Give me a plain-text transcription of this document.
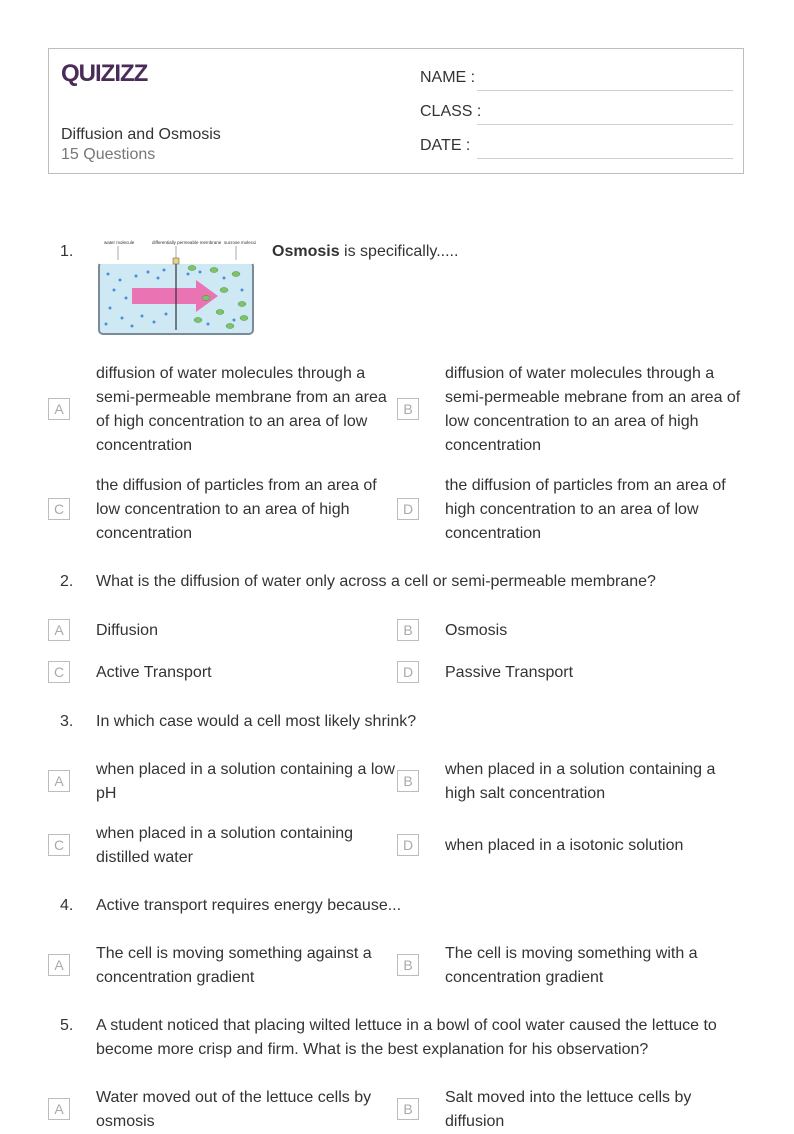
QUIZIZZ
Diffusion and Osmosis
15 Questions
NAME :
CLASS :
DATE :
1.
water molecule	differentially permeable membrane sucrose molecule
Osmosis is specifically.....
A
diffusion of water molecules through a semi-permeable membrane from an area of high concentration to an area of low concentration
B
diffusion of water molecules through a semi-permeable mebrane from an area of low concentration to an area of high concentration
C
the diffusion of particles from an area of low concentration to an area of high concentration
D
the diffusion of particles from an area of high concentration to an area of low concentration
2. What is the diffusion of water only across a cell or semi-permeable membrane?
A	Diffusion	B	Osmosis
C	Active Transport	D	Passive Transport
3. In which case would a cell most likely shrink?
A
when placed in a solution containing a low pH
B
when placed in a solution containing a high salt concentration
C
when placed in a solution containing distilled water
D	when placed in a isotonic solution
4. Active transport requires energy because...
A
The cell is moving something against a concentration gradient
B
The cell is moving something with a concentration gradient
5. A student noticed that placing wilted lettuce in a bowl of cool water caused the lettuce to become more crisp and firm. What is the best explanation for his observation?
A
Water moved out of the lettuce cells by osmosis
B
Salt moved into the lettuce cells by diffusion
